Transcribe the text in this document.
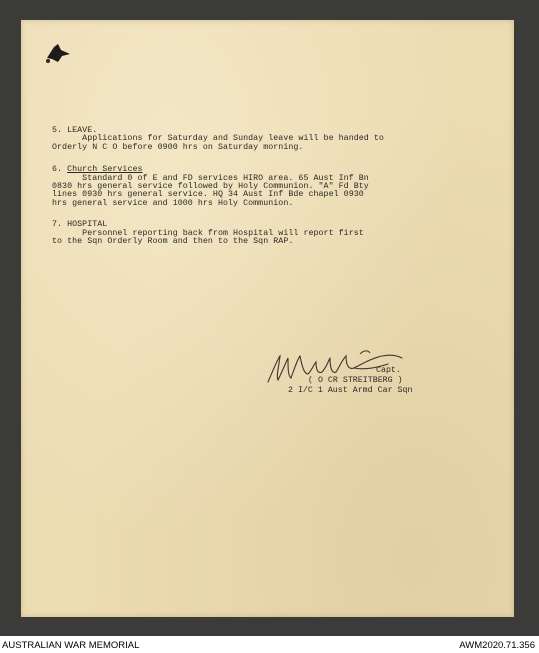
5. LEAVE.
Applications for Saturday and Sunday leave will be handed to
Orderly N C O before 0900 hrs on Saturday morning.
6. Church Services
Standard 0 of E and FD services HIRO area. 65 Aust Inf Bn
0830 hrs general service followed by Holy Communion. "A" Fd Bty
lines 0930 hrs general service. HQ 34 Aust Inf Bde chapel 0930
hrs general service and 1000 hrs Holy Communion.
7. HOSPITAL
Personnel reporting back from Hospital will report first
to the Sqn Orderly Room and then to the Sqn RAP.
Capt.
( O CR STREITBERG )
2 I/C 1 Aust Armd Car Sqn
AUSTRALIAN WAR MEMORIAL	AWM2020.71.356
